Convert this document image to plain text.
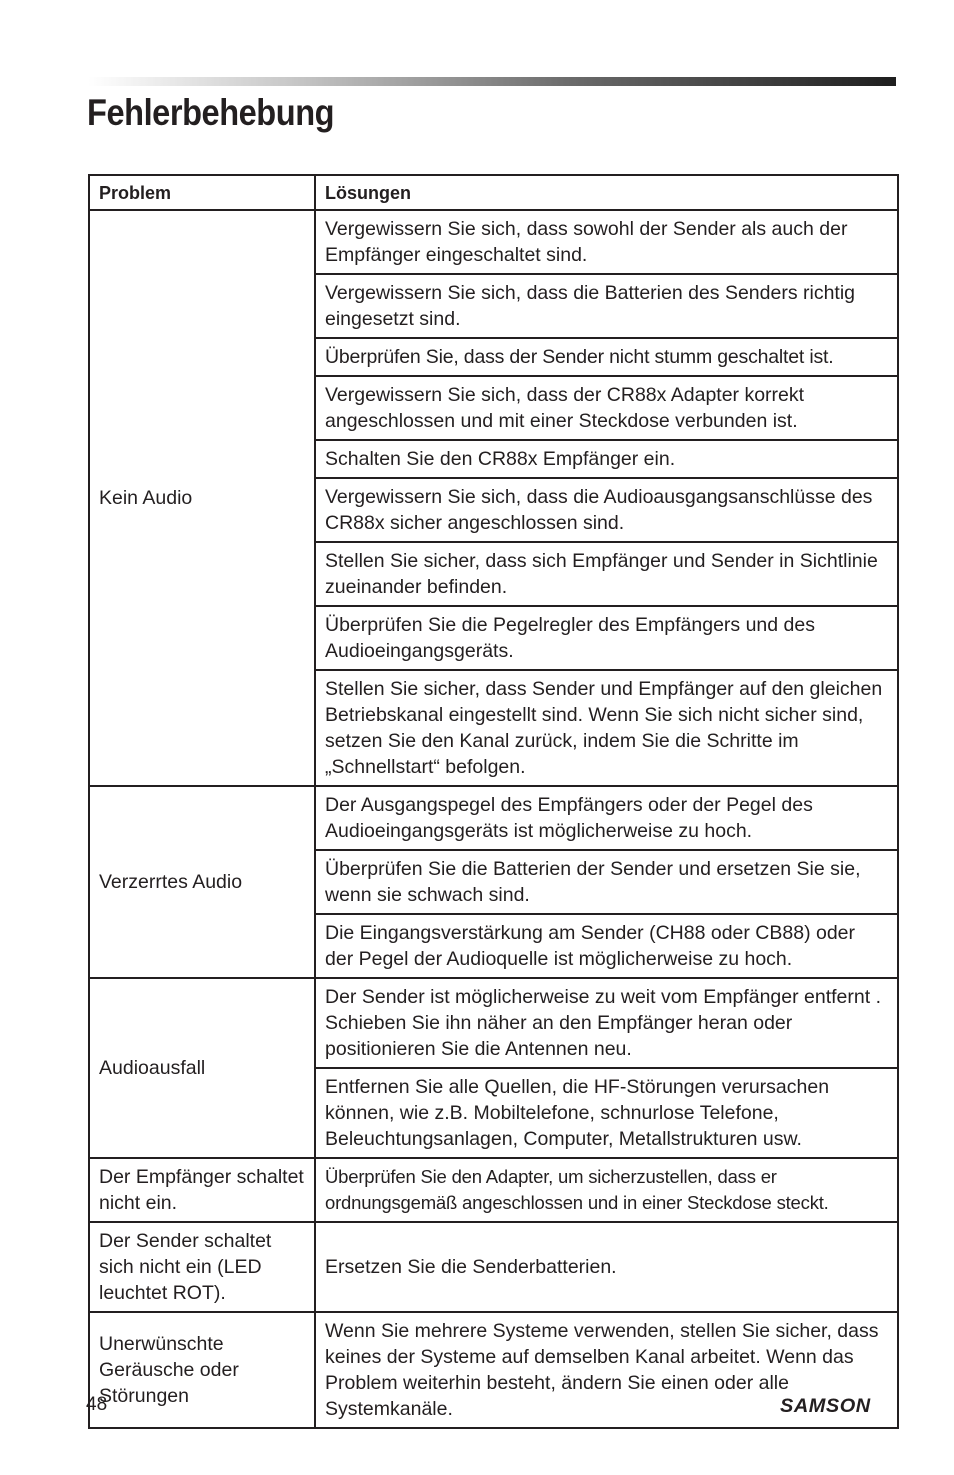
Fehlerbehebung
Problem	Lösungen
Kein Audio	Vergewissern Sie sich, dass sowohl der Sender als auch der Empfänger eingeschaltet sind.
	Vergewissern Sie sich, dass die Batterien des Senders richtig eingesetzt sind.
	Überprüfen Sie, dass der Sender nicht stumm geschaltet ist.
	Vergewissern Sie sich, dass der CR88x Adapter korrekt angeschlossen und mit einer Steckdose verbunden ist.
	Schalten Sie den CR88x Empfänger ein.
	Vergewissern Sie sich, dass die Audioausgangsanschlüsse des CR88x sicher angeschlossen sind.
	Stellen Sie sicher, dass sich Empfänger und Sender in Sichtlinie zueinander befinden.
	Überprüfen Sie die Pegelregler des Empfängers und des Audioeingangsgeräts.
	Stellen Sie sicher, dass Sender und Empfänger auf den gleichen Betriebskanal eingestellt sind. Wenn Sie sich nicht sicher sind, setzen Sie den Kanal zurück, indem Sie die Schritte im „Schnellstart“ befolgen.
Verzerrtes Audio	Der Ausgangspegel des Empfängers oder der Pegel des Audioeingangsgeräts ist möglicherweise zu hoch.
	Überprüfen Sie die Batterien der Sender und ersetzen Sie sie, wenn sie schwach sind.
	Die Eingangsverstärkung am Sender (CH88 oder CB88) oder der Pegel der Audioquelle ist möglicherweise zu hoch.
Audioausfall	Der Sender ist möglicherweise zu weit vom Empfänger entfernt . Schieben Sie ihn näher an den Empfänger heran oder positionieren Sie die Antennen neu.
	Entfernen Sie alle Quellen, die HF-Störungen verursachen können, wie z.B. Mobiltelefone, schnurlose Telefone, Beleuchtungsanlagen, Computer, Metallstrukturen usw.
Der Empfänger schaltet nicht ein.	Überprüfen Sie den Adapter, um sicherzustellen, dass er ordnungsgemäß angeschlossen und in einer Steckdose steckt.
Der Sender schaltet sich nicht ein (LED leuchtet ROT).	Ersetzen Sie die Senderbatterien.
Unerwünschte Geräusche oder Störungen	Wenn Sie mehrere Systeme verwenden, stellen Sie sicher, dass keines der Systeme auf demselben Kanal arbeitet. Wenn das Problem weiterhin besteht, ändern Sie einen oder alle Systemkanäle.
48	SAMSON
